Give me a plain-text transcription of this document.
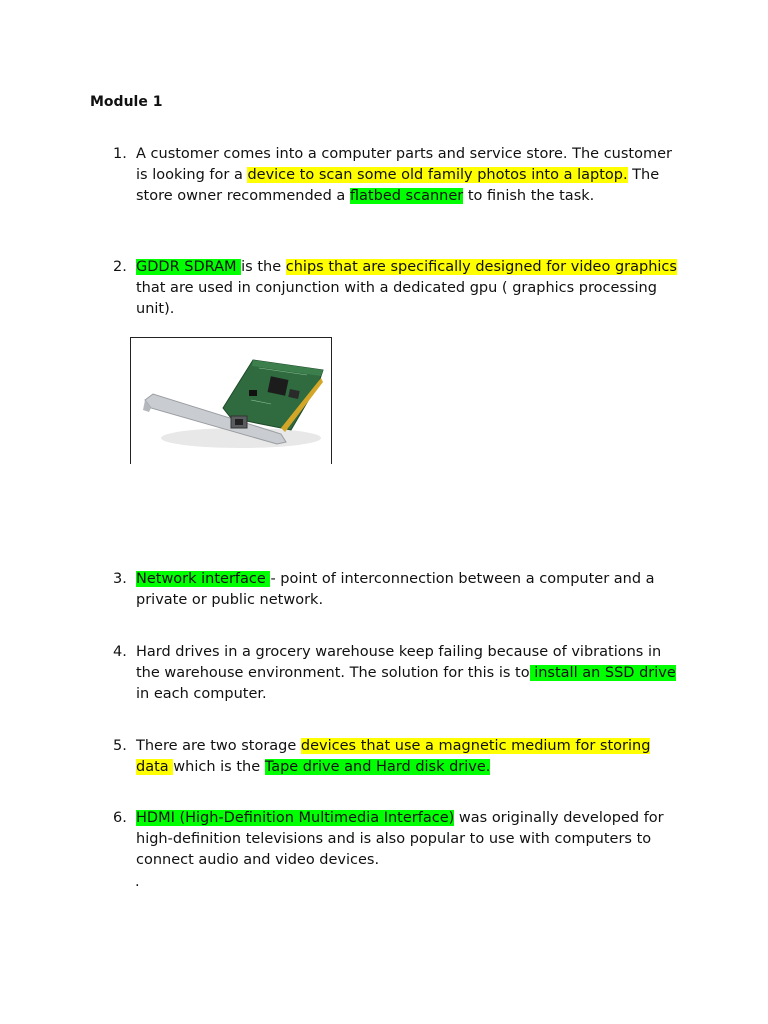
Module 1
1. A customer comes into a computer parts and service store. The customer is looking for a device to scan some old family photos into a laptop. The store owner recommended a flatbed scanner to finish the task.
2. GDDR SDRAM is the chips that are specifically designed for video graphics that are used in conjunction with a dedicated gpu ( graphics processing unit).
3. Network interface - point of interconnection between a computer and a private or public network.
4. Hard drives in a grocery warehouse keep failing because of vibrations in the warehouse environment. The solution for this is to install an SSD drive in each computer.
5. There are two storage devices that use a magnetic medium for storing data which is the Tape drive and Hard disk drive.
6. HDMI (High-Definition Multimedia Interface) was originally developed for high-definition televisions and is also popular to use with computers to connect audio and video devices.
.
